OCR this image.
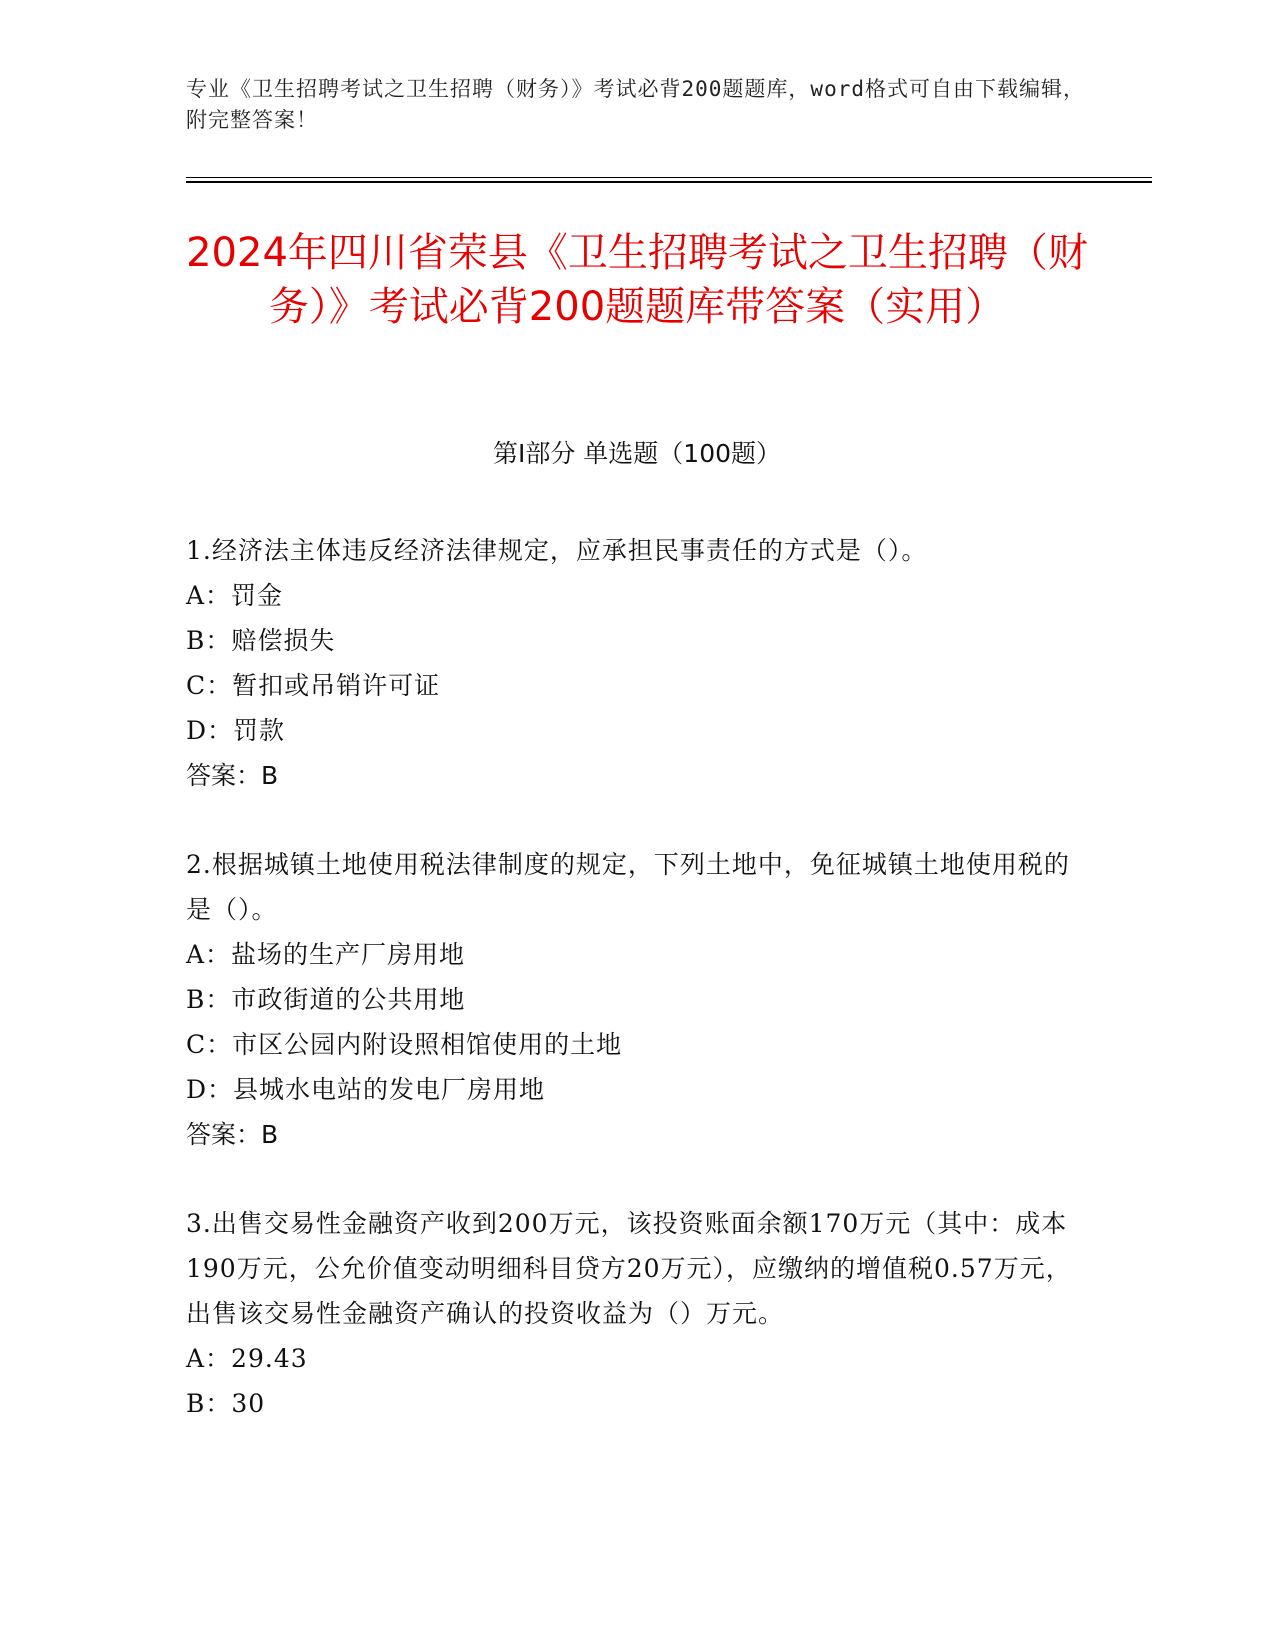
专业《卫生招聘考试之卫生招聘（财务）》考试必背200题题库，word格式可自由下载编辑，附完整答案！
2024年四川省荣县《卫生招聘考试之卫生招聘（财务）》考试必背200题题库带答案（实用）
第Ⅰ部分 单选题（100题）

1.经济法主体违反经济法律规定，应承担民事责任的方式是（）。

A：罚金

B：赔偿损失

C：暂扣或吊销许可证

D：罚款

答案：B

2.根据城镇土地使用税法律制度的规定，下列土地中，免征城镇土地使用税的是（）。

A：盐场的生产厂房用地

B：市政街道的公共用地

C：市区公园内附设照相馆使用的土地

D：县城水电站的发电厂房用地

答案：B

3.出售交易性金融资产收到200万元，该投资账面余额170万元（其中：成本190万元，公允价值变动明细科目贷方20万元），应缴纳的增值税0.57万元，出售该交易性金融资产确认的投资收益为（）万元。

A：29.43

B：30
